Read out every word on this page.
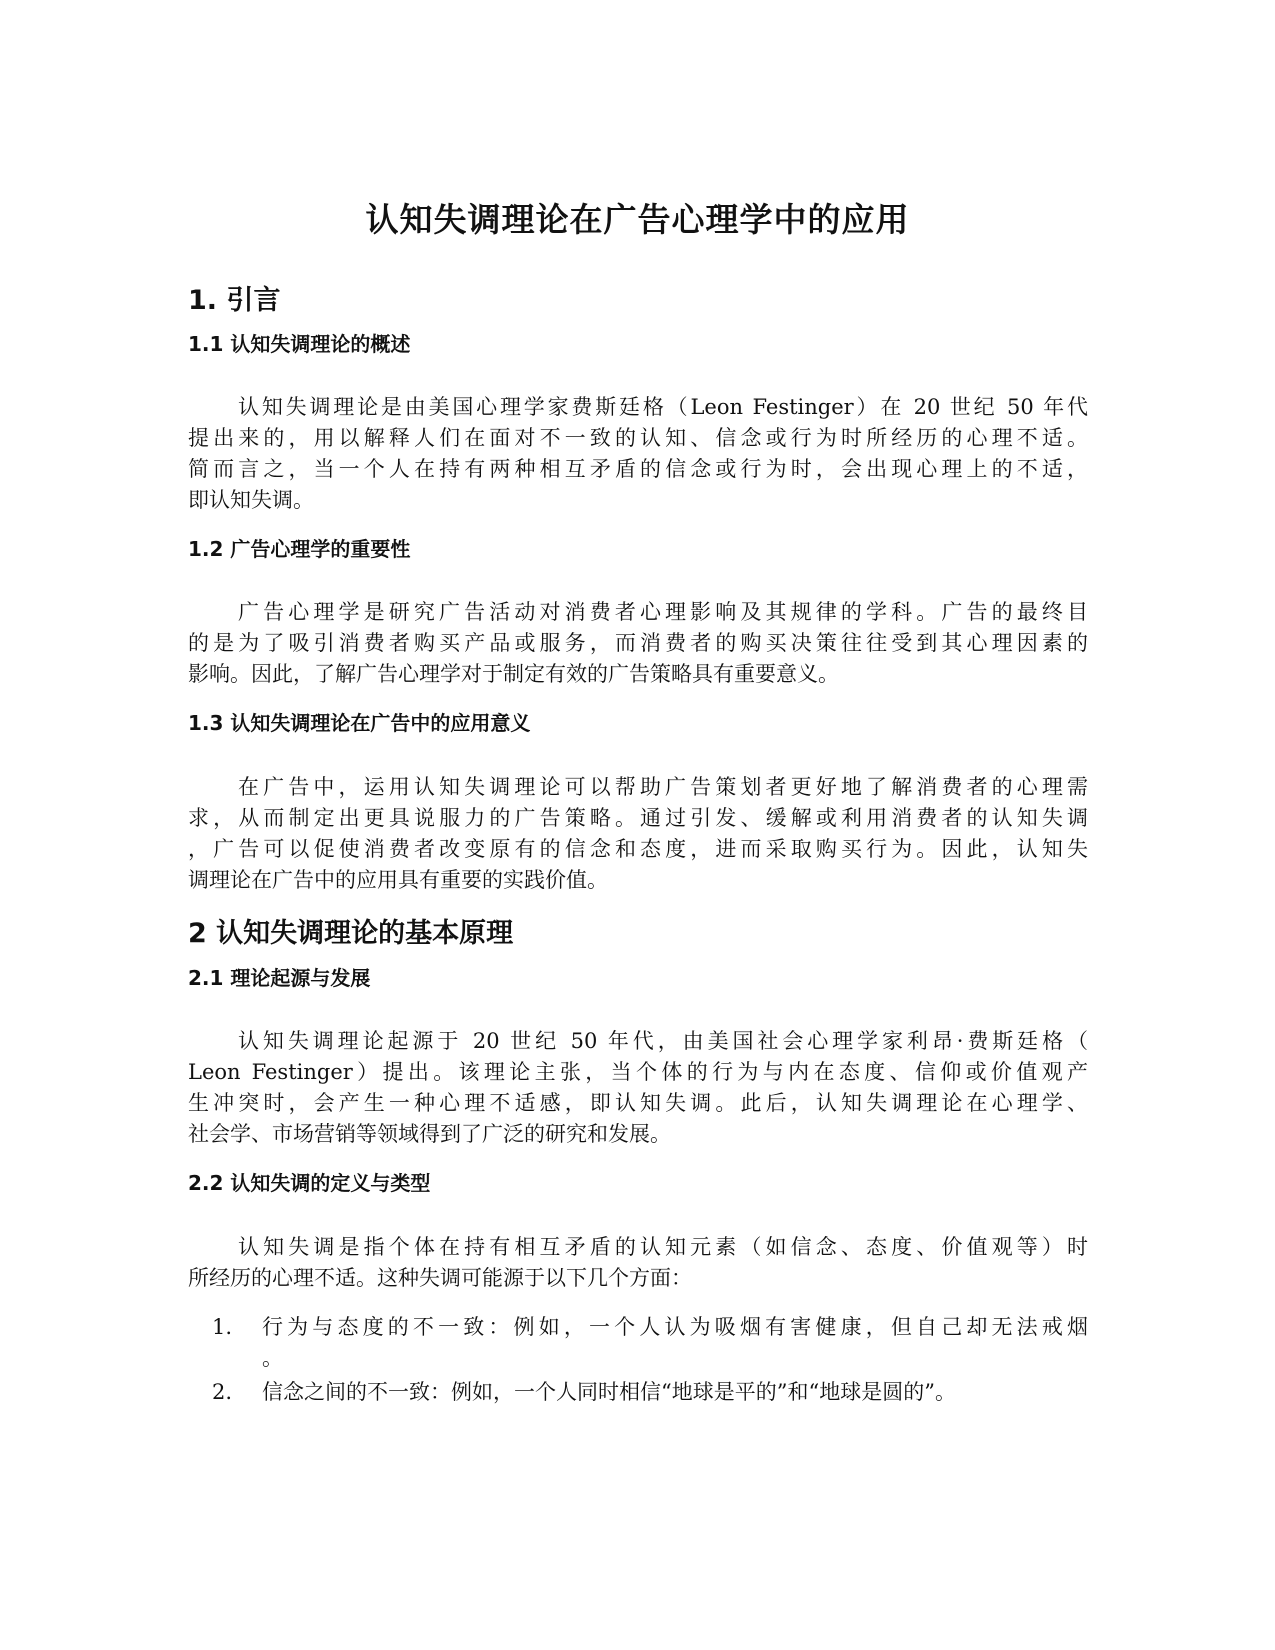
认知失调理论在广告心理学中的应用
1. 引言
1.1 认知失调理论的概述
认知失调理论是由美国心理学家费斯廷格（Leon Festinger）在 20 世纪 50 年代
提出来的，用以解释人们在面对不一致的认知、信念或行为时所经历的心理不适。
简而言之，当一个人在持有两种相互矛盾的信念或行为时，会出现心理上的不适，
即认知失调。
1.2 广告心理学的重要性
广告心理学是研究广告活动对消费者心理影响及其规律的学科。广告的最终目
的是为了吸引消费者购买产品或服务，而消费者的购买决策往往受到其心理因素的
影响。因此，了解广告心理学对于制定有效的广告策略具有重要意义。
1.3 认知失调理论在广告中的应用意义
在广告中，运用认知失调理论可以帮助广告策划者更好地了解消费者的心理需
求，从而制定出更具说服力的广告策略。通过引发、缓解或利用消费者的认知失调
，广告可以促使消费者改变原有的信念和态度，进而采取购买行为。因此，认知失
调理论在广告中的应用具有重要的实践价值。
2 认知失调理论的基本原理
2.1 理论起源与发展
认知失调理论起源于 20 世纪 50 年代，由美国社会心理学家利昂·费斯廷格（
Leon Festinger）提出。该理论主张，当个体的行为与内在态度、信仰或价值观产
生冲突时，会产生一种心理不适感，即认知失调。此后，认知失调理论在心理学、
社会学、市场营销等领域得到了广泛的研究和发展。
2.2 认知失调的定义与类型
认知失调是指个体在持有相互矛盾的认知元素（如信念、态度、价值观等）时
所经历的心理不适。这种失调可能源于以下几个方面：
1.	行为与态度的不一致：例如，一个人认为吸烟有害健康，但自己却无法戒烟
。
2.	信念之间的不一致：例如，一个人同时相信“地球是平的”和“地球是圆的”。
